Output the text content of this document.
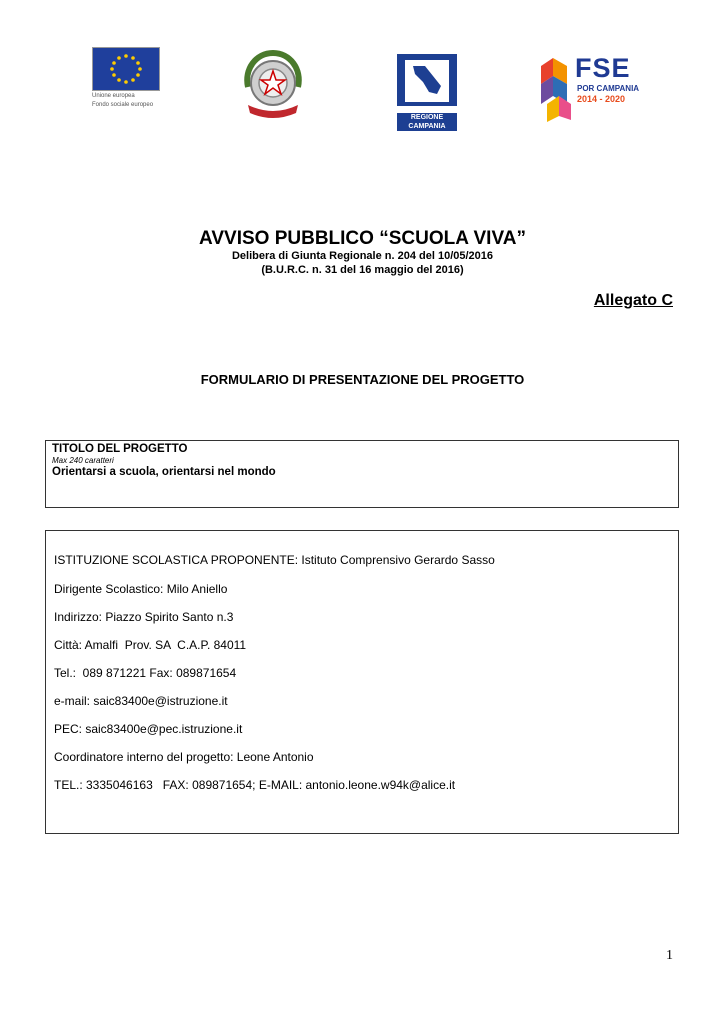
Unione europea
Fondo sociale europeo
REGIONE CAMPANIA
FSE
POR CAMPANIA
2014 - 2020
AVVISO PUBBLICO “SCUOLA VIVA”
Delibera di Giunta Regionale n. 204 del 10/05/2016
(B.U.R.C. n. 31 del 16 maggio del 2016)
Allegato C
FORMULARIO DI PRESENTAZIONE DEL PROGETTO
TITOLO DEL PROGETTO
Max 240 caratteri
Orientarsi a scuola, orientarsi nel mondo
ISTITUZIONE SCOLASTICA PROPONENTE: Istituto Comprensivo Gerardo Sasso
Dirigente Scolastico: Milo Aniello
Indirizzo: Piazzo Spirito Santo n.3
Città: Amalfi  Prov. SA  C.A.P. 84011
Tel.:  089 871221 Fax: 089871654
e-mail: saic83400e@istruzione.it
PEC: saic83400e@pec.istruzione.it
Coordinatore interno del progetto: Leone Antonio
TEL.: 3335046163   FAX: 089871654; E-MAIL: antonio.leone.w94k@alice.it
1
